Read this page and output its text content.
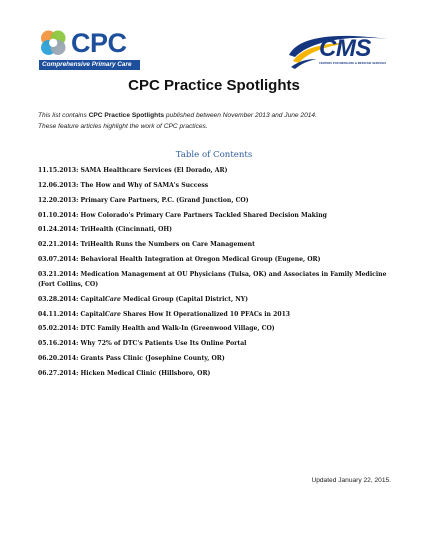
CPC
Comprehensive Primary Care
CMS
CENTERS FOR MEDICARE & MEDICAID SERVICES
CPC Practice Spotlights
This list contains CPC Practice Spotlights published between November 2013 and June 2014.
These feature articles highlight the work of CPC practices.
Table of Contents
11.15.2013: SAMA Healthcare Services (El Dorado, AR)
12.06.2013: The How and Why of SAMA's Success
12.20.2013: Primary Care Partners, P.C. (Grand Junction, CO)
01.10.2014: How Colorado's Primary Care Partners Tackled Shared Decision Making
01.24.2014: TriHealth (Cincinnati, OH)
02.21.2014: TriHealth Runs the Numbers on Care Management
03.07.2014: Behavioral Health Integration at Oregon Medical Group (Eugene, OR)
03.21.2014: Medication Management at OU Physicians (Tulsa, OK) and Associates in Family Medicine (Fort Collins, CO)
03.28.2014: CapitalCare Medical Group (Capital District, NY)
04.11.2014: CapitalCare Shares How It Operationalized 10 PFACs in 2013
05.02.2014: DTC Family Health and Walk-In (Greenwood Village, CO)
05.16.2014: Why 72% of DTC's Patients Use Its Online Portal
06.20.2014: Grants Pass Clinic (Josephine County, OR)
06.27.2014: Hicken Medical Clinic (Hillsboro, OR)
Updated January 22, 2015.
